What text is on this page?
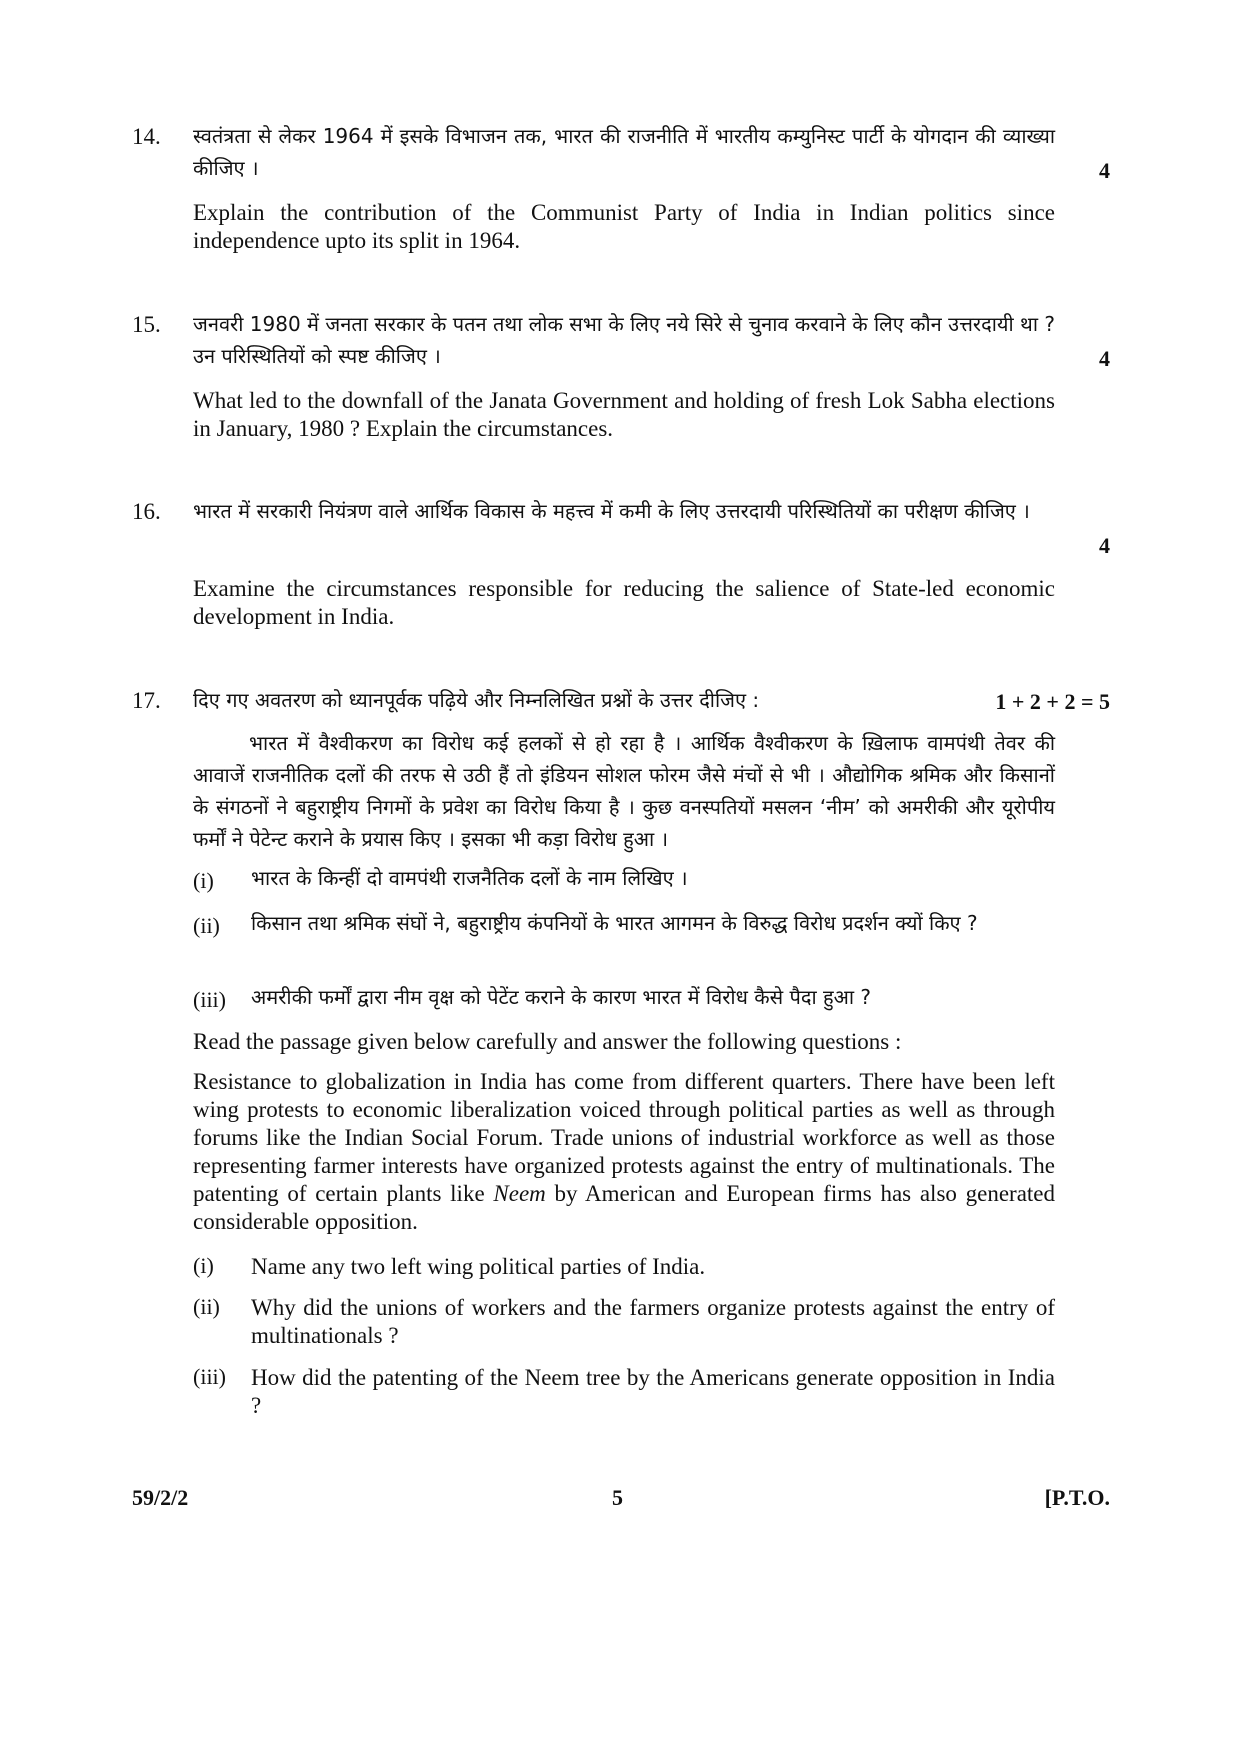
14. स्वतंत्रता से लेकर 1964 में इसके विभाजन तक, भारत की राजनीति में भारतीय कम्युनिस्ट पार्टी के योगदान की व्याख्या कीजिए ।	4
Explain the contribution of the Communist Party of India in Indian politics since independence upto its split in 1964.
15. जनवरी 1980 में जनता सरकार के पतन तथा लोक सभा के लिए नये सिरे से चुनाव करवाने के लिए कौन उत्तरदायी था ? उन परिस्थितियों को स्पष्ट कीजिए ।	4
What led to the downfall of the Janata Government and holding of fresh Lok Sabha elections in January, 1980 ? Explain the circumstances.
16. भारत में सरकारी नियंत्रण वाले आर्थिक विकास के महत्त्व में कमी के लिए उत्तरदायी परिस्थितियों का परीक्षण कीजिए ।
4
Examine the circumstances responsible for reducing the salience of State-led economic development in India.
17. दिए गए अवतरण को ध्यानपूर्वक पढ़िये और निम्नलिखित प्रश्नों के उत्तर दीजिए :	1 + 2 + 2 = 5
भारत में वैश्वीकरण का विरोध कई हलकों से हो रहा है । आर्थिक वैश्वीकरण के ख़िलाफ वामपंथी तेवर की आवाजें राजनीतिक दलों की तरफ से उठी हैं तो इंडियन सोशल फोरम जैसे मंचों से भी । औद्योगिक श्रमिक और किसानों के संगठनों ने बहुराष्ट्रीय निगमों के प्रवेश का विरोध किया है । कुछ वनस्पतियों मसलन ‘नीम’ को अमरीकी और यूरोपीय फर्मों ने पेटेन्ट कराने के प्रयास किए । इसका भी कड़ा विरोध हुआ ।
(i) भारत के किन्हीं दो वामपंथी राजनैतिक दलों के नाम लिखिए ।
(ii) किसान तथा श्रमिक संघों ने, बहुराष्ट्रीय कंपनियों के भारत आगमन के विरुद्ध विरोध प्रदर्शन क्यों किए ?
(iii) अमरीकी फर्मों द्वारा नीम वृक्ष को पेटेंट कराने के कारण भारत में विरोध कैसे पैदा हुआ ?
Read the passage given below carefully and answer the following questions :
Resistance to globalization in India has come from different quarters. There have been left wing protests to economic liberalization voiced through political parties as well as through forums like the Indian Social Forum. Trade unions of industrial workforce as well as those representing farmer interests have organized protests against the entry of multinationals. The patenting of certain plants like Neem by American and European firms has also generated considerable opposition.
(i) Name any two left wing political parties of India.
(ii) Why did the unions of workers and the farmers organize protests against the entry of multinationals ?
(iii) How did the patenting of the Neem tree by the Americans generate opposition in India ?
59/2/2	5	[P.T.O.
